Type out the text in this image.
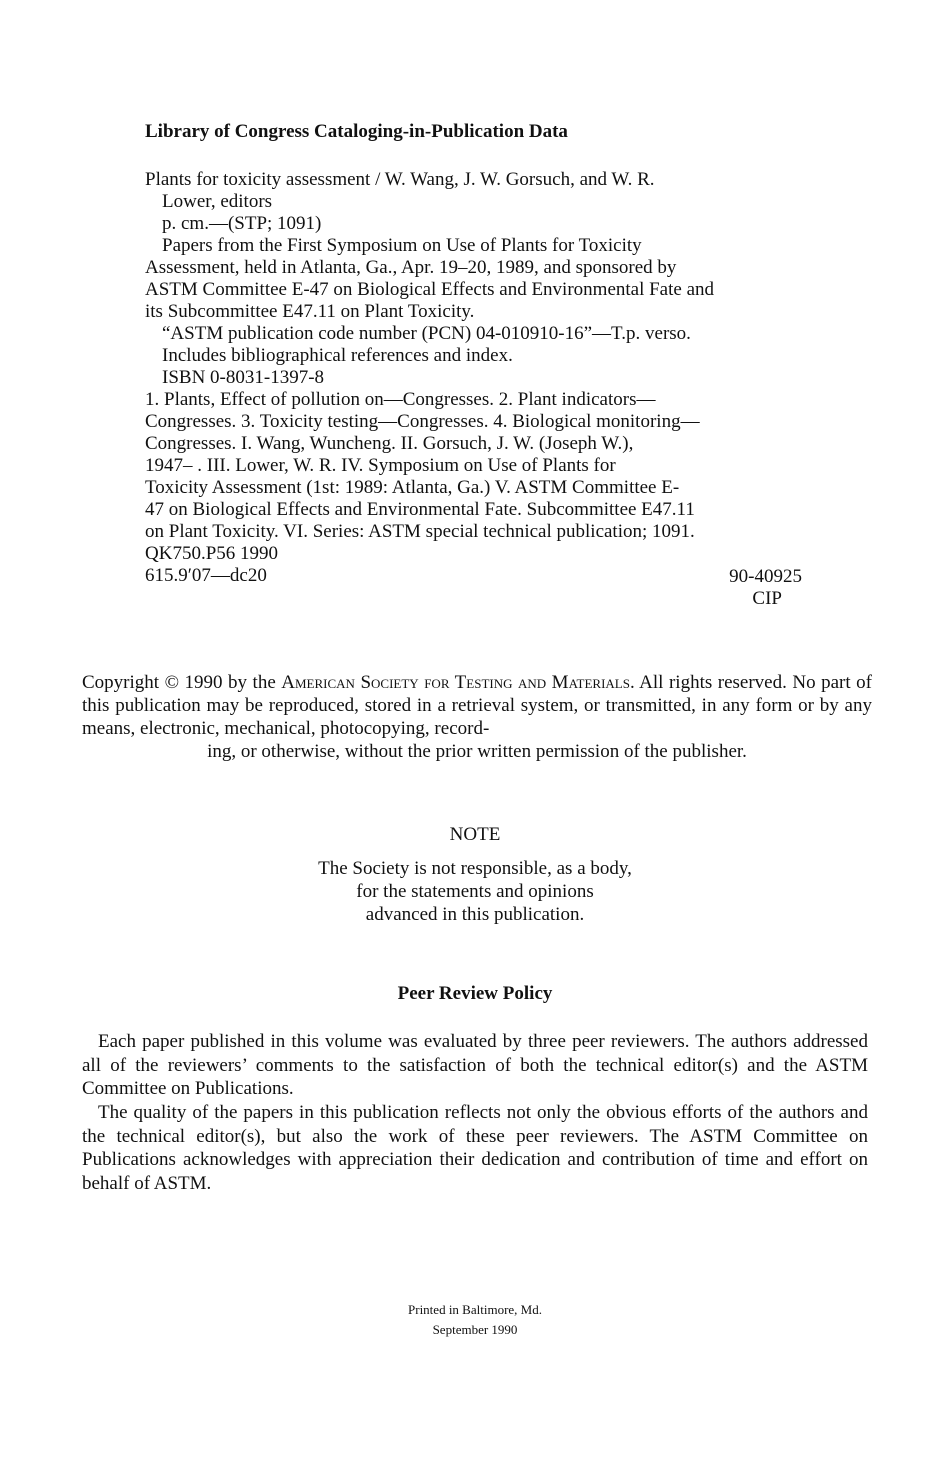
Library of Congress Cataloging-in-Publication Data
Plants for toxicity assessment / W. Wang, J. W. Gorsuch, and W. R.
Lower, editors
p. cm.—(STP; 1091)
Papers from the First Symposium on Use of Plants for Toxicity
Assessment, held in Atlanta, Ga., Apr. 19–20, 1989, and sponsored by
ASTM Committee E-47 on Biological Effects and Environmental Fate and
its Subcommittee E47.11 on Plant Toxicity.
“ASTM publication code number (PCN) 04-010910-16”—T.p. verso.
Includes bibliographical references and index.
ISBN 0-8031-1397-8
1. Plants, Effect of pollution on—Congresses. 2. Plant indicators—
Congresses. 3. Toxicity testing—Congresses. 4. Biological monitoring—
Congresses. I. Wang, Wuncheng. II. Gorsuch, J. W. (Joseph W.),
1947– . III. Lower, W. R. IV. Symposium on Use of Plants for
Toxicity Assessment (1st: 1989: Atlanta, Ga.) V. ASTM Committee E-
47 on Biological Effects and Environmental Fate. Subcommittee E47.11
on Plant Toxicity. VI. Series: ASTM special technical publication; 1091.
QK750.P56 1990
615.9′07—dc20	90-40925
CIP
Copyright © 1990 by the American Society for Testing and Materials. All rights reserved. No part of this publication may be reproduced, stored in a retrieval system, or transmitted, in any form or by any means, electronic, mechanical, photocopying, record-
ing, or otherwise, without the prior written permission of the publisher.
NOTE
The Society is not responsible, as a body,
for the statements and opinions
advanced in this publication.
Peer Review Policy
Each paper published in this volume was evaluated by three peer reviewers. The authors addressed all of the reviewers’ comments to the satisfaction of both the technical editor(s) and the ASTM Committee on Publications.
The quality of the papers in this publication reflects not only the obvious efforts of the authors and the technical editor(s), but also the work of these peer reviewers. The ASTM Committee on Publications acknowledges with appreciation their dedication and contribution of time and effort on behalf of ASTM.
Printed in Baltimore, Md.
September 1990
